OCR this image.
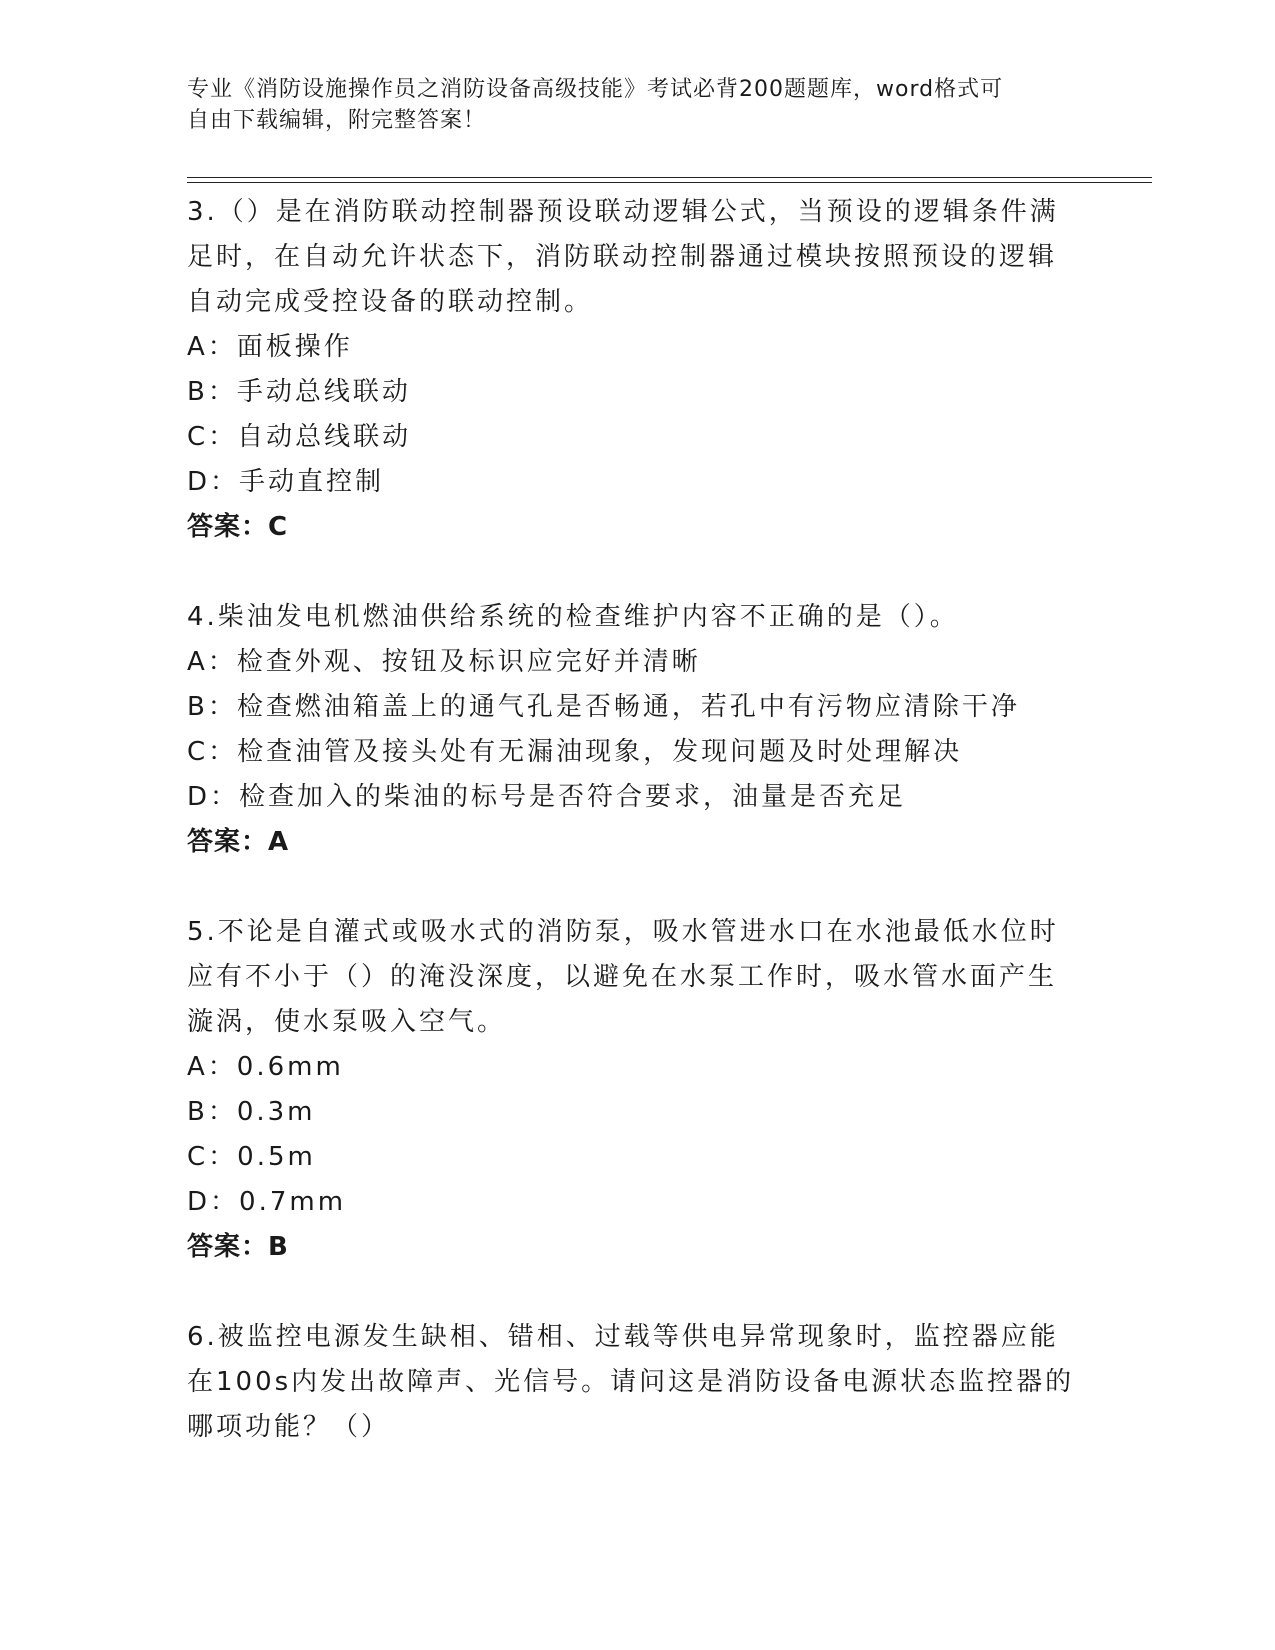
专业《消防设施操作员之消防设备高级技能》考试必背200题题库，word格式可
自由下载编辑，附完整答案！

3.（）是在消防联动控制器预设联动逻辑公式，当预设的逻辑条件满

足时，在自动允许状态下，消防联动控制器通过模块按照预设的逻辑

自动完成受控设备的联动控制。

A：面板操作

B：手动总线联动

C：自动总线联动

D：手动直控制

答案：C

4.柴油发电机燃油供给系统的检查维护内容不正确的是（）。

A：检查外观、按钮及标识应完好并清晰

B：检查燃油箱盖上的通气孔是否畅通，若孔中有污物应清除干净

C：检查油管及接头处有无漏油现象，发现问题及时处理解决

D：检查加入的柴油的标号是否符合要求，油量是否充足

答案：A

5.不论是自灌式或吸水式的消防泵，吸水管进水口在水池最低水位时

应有不小于（）的淹没深度，以避免在水泵工作时，吸水管水面产生

漩涡，使水泵吸入空气。

A：0.6mm

B：0.3m

C：0.5m

D：0.7mm

答案：B

6.被监控电源发生缺相、错相、过载等供电异常现象时，监控器应能

在100s内发出故障声、光信号。请问这是消防设备电源状态监控器的

哪项功能？（）
